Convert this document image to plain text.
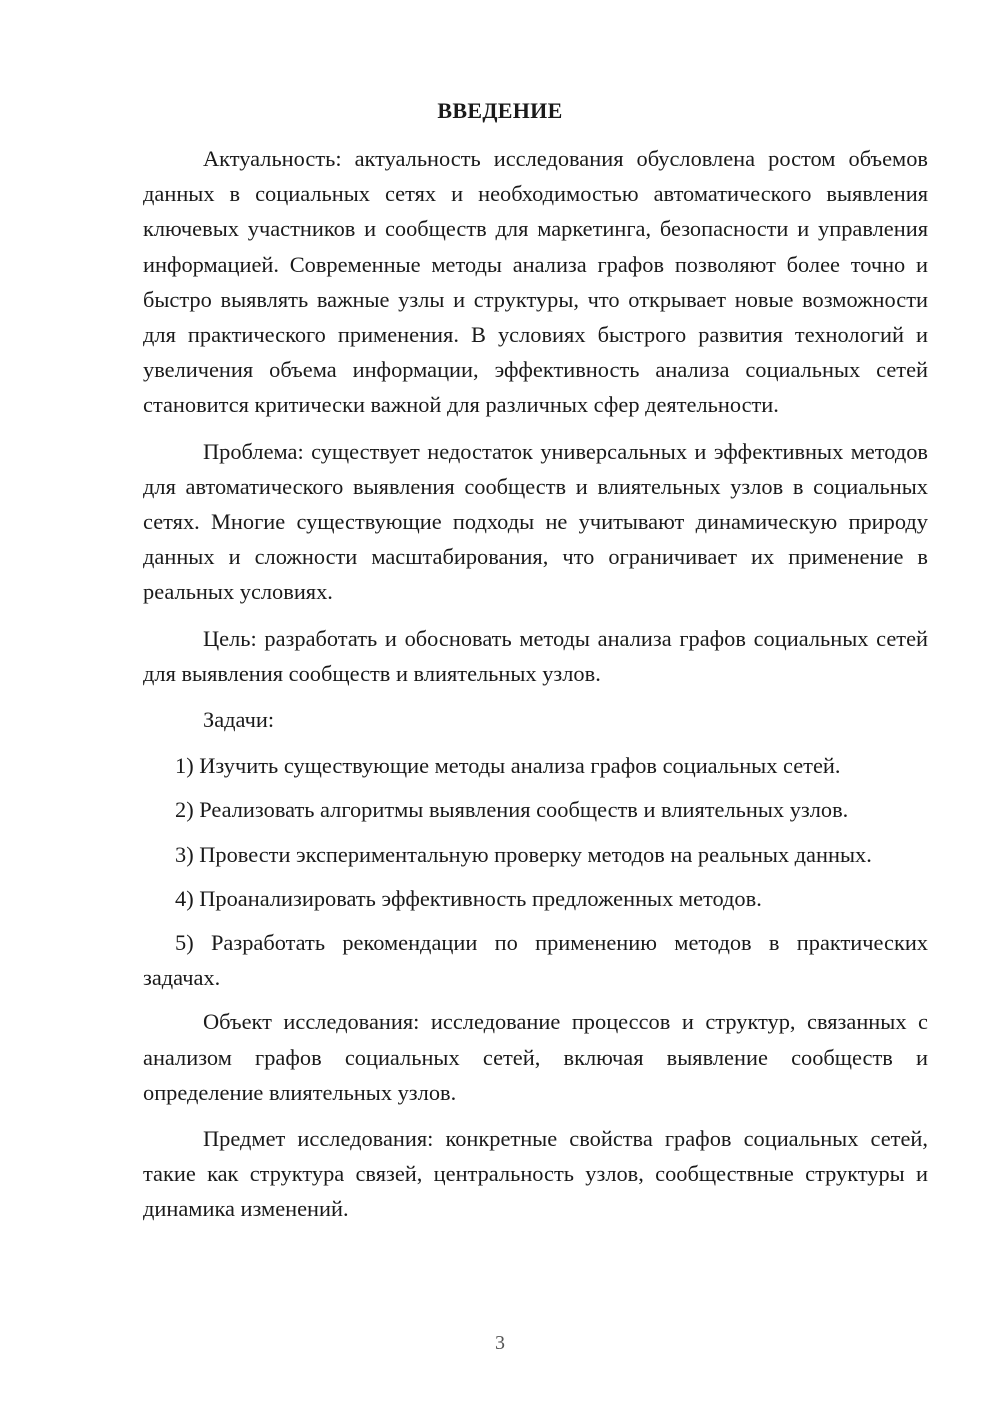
ВВЕДЕНИЕ

Актуальность: актуальность исследования обусловлена ростом объемов данных в социальных сетях и необходимостью автоматического выявления ключевых участников и сообществ для маркетинга, безопасности и управления информацией. Современные методы анализа графов позволяют более точно и быстро выявлять важные узлы и структуры, что открывает новые возможности для практического применения. В условиях быстрого развития технологий и увеличения объема информации, эффективность анализа социальных сетей становится критически важной для различных сфер деятельности.

Проблема: существует недостаток универсальных и эффективных методов для автоматического выявления сообществ и влиятельных узлов в социальных сетях. Многие существующие подходы не учитывают динамическую природу данных и сложности масштабирования, что ограничивает их применение в реальных условиях.

Цель: разработать и обосновать методы анализа графов социальных сетей для выявления сообществ и влиятельных узлов.

Задачи:

1) Изучить существующие методы анализа графов социальных сетей.

2) Реализовать алгоритмы выявления сообществ и влиятельных узлов.

3) Провести экспериментальную проверку методов на реальных данных.

4) Проанализировать эффективность предложенных методов.

5) Разработать рекомендации по применению методов в практических задачах.

Объект исследования: исследование процессов и структур, связанных с анализом графов социальных сетей, включая выявление сообществ и определение влиятельных узлов.

Предмет исследования: конкретные свойства графов социальных сетей, такие как структура связей, центральность узлов, сообществные структуры и динамика изменений.

3
